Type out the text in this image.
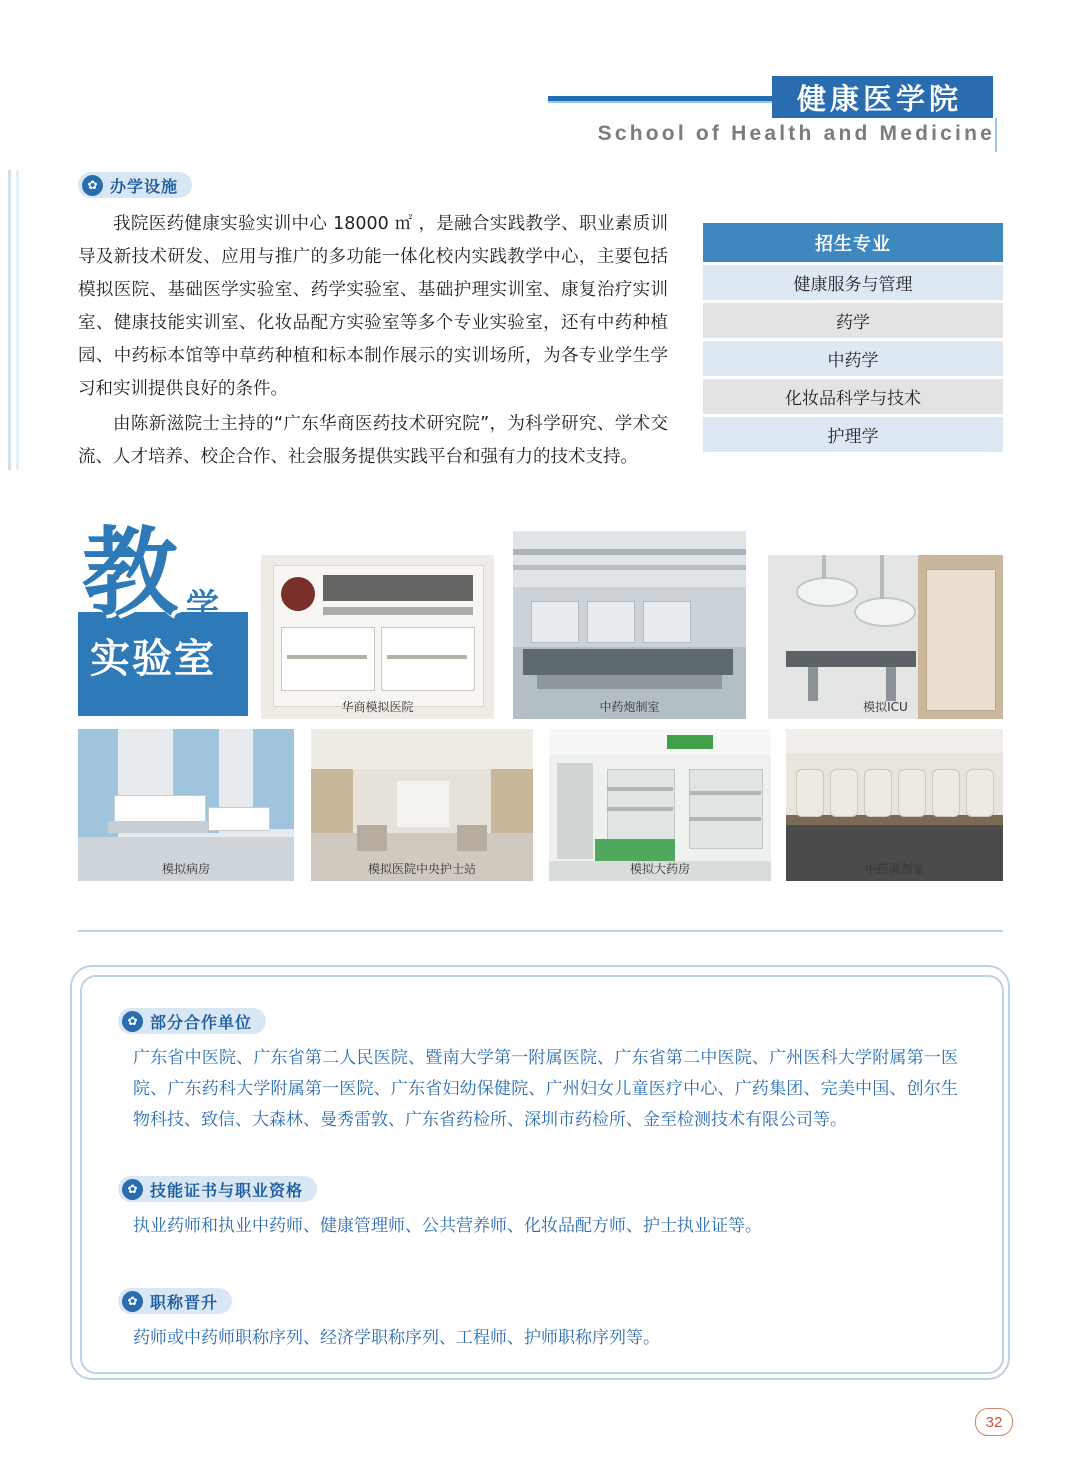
健康医学院
School of Health and Medicine
✿ 办学设施

我院医药健康实验实训中心 18000 ㎡ ，是融合实践教学、职业素质训导及新技术研发、应用与推广的多功能一体化校内实践教学中心，主要包括模拟医院、基础医学实验室、药学实验室、基础护理实训室、康复治疗实训室、健康技能实训室、化妆品配方实验室等多个专业实验室，还有中药种植园、中药标本馆等中草药种植和标本制作展示的实训场所，为各专业学生学习和实训提供良好的条件。

由陈新滋院士主持的“广东华商医药技术研究院”，为科学研究、学术交流、人才培养、校企合作、社会服务提供实践平台和强有力的技术支持。

招生专业
健康服务与管理
药学
中药学
化妆品科学与技术
护理学
教 学
实验室
华商模拟医院	中药炮制室	模拟ICU
模拟病房	模拟医院中央护士站	模拟大药房	中药调剂室
✿ 部分合作单位
广东省中医院、广东省第二人民医院、暨南大学第一附属医院、广东省第二中医院、广州医科大学附属第一医院、广东药科大学附属第一医院、广东省妇幼保健院、广州妇女儿童医疗中心、广药集团、完美中国、创尔生物科技、致信、大森林、曼秀雷敦、广东省药检所、深圳市药检所、金至检测技术有限公司等。
✿ 技能证书与职业资格
执业药师和执业中药师、健康管理师、公共营养师、化妆品配方师、护士执业证等。
✿ 职称晋升
药师或中药师职称序列、经济学职称序列、工程师、护师职称序列等。
32
